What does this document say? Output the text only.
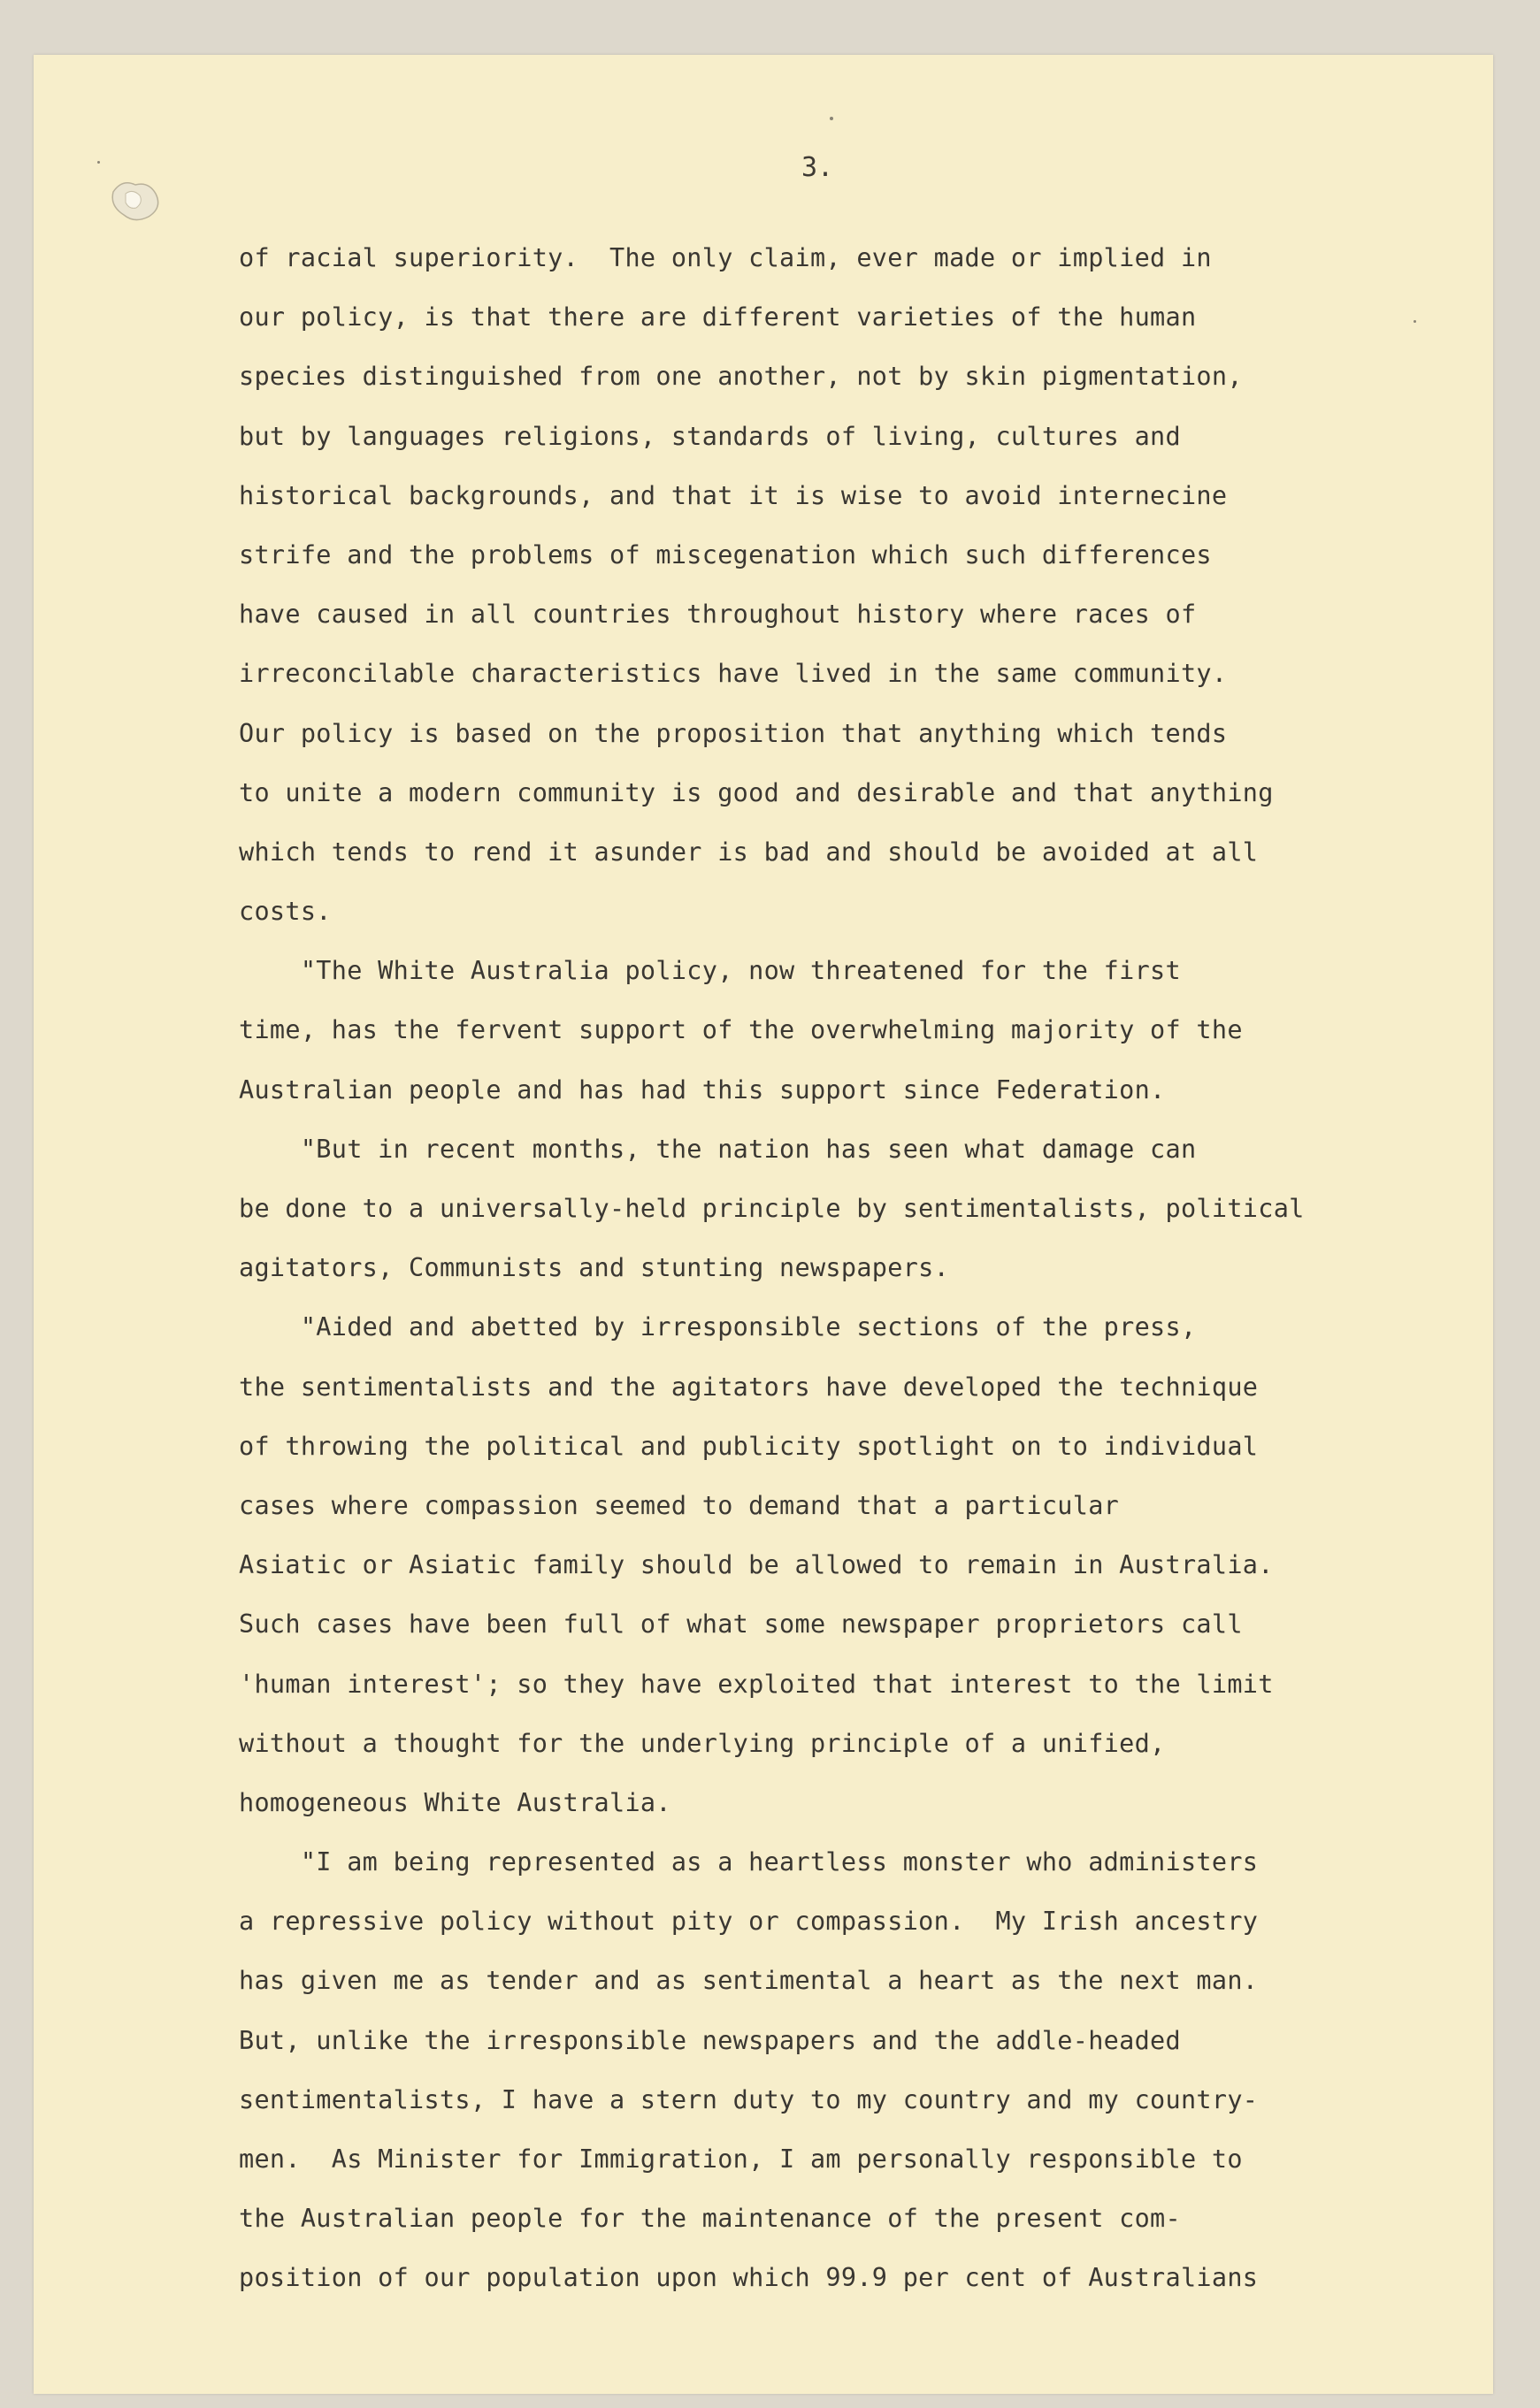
3.
of racial superiority.  The only claim, ever made or implied in
our policy, is that there are different varieties of the human
species distinguished from one another, not by skin pigmentation,
but by languages religions, standards of living, cultures and
historical backgrounds, and that it is wise to avoid internecine
strife and the problems of miscegenation which such differences
have caused in all countries throughout history where races of
irreconcilable characteristics have lived in the same community.
Our policy is based on the proposition that anything which tends
to unite a modern community is good and desirable and that anything
which tends to rend it asunder is bad and should be avoided at all
costs.
"The White Australia policy, now threatened for the first
time, has the fervent support of the overwhelming majority of the
Australian people and has had this support since Federation.
"But in recent months, the nation has seen what damage can
be done to a universally-held principle by sentimentalists, political
agitators, Communists and stunting newspapers.
"Aided and abetted by irresponsible sections of the press,
the sentimentalists and the agitators have developed the technique
of throwing the political and publicity spotlight on to individual
cases where compassion seemed to demand that a particular
Asiatic or Asiatic family should be allowed to remain in Australia.
Such cases have been full of what some newspaper proprietors call
'human interest'; so they have exploited that interest to the limit
without a thought for the underlying principle of a unified,
homogeneous White Australia.
"I am being represented as a heartless monster who administers
a repressive policy without pity or compassion.  My Irish ancestry
has given me as tender and as sentimental a heart as the next man.
But, unlike the irresponsible newspapers and the addle-headed
sentimentalists, I have a stern duty to my country and my country-
men.  As Minister for Immigration, I am personally responsible to
the Australian people for the maintenance of the present com-
position of our population upon which 99.9 per cent of Australians
